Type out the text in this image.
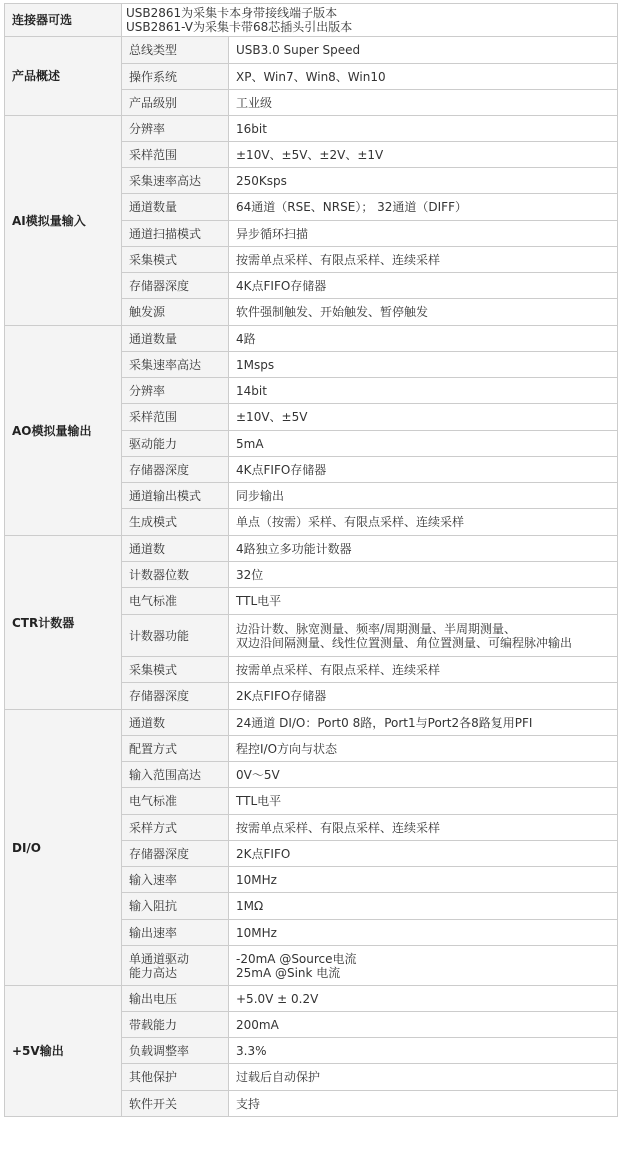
连接器可选	USB2861为采集卡本身带接线端子版本
USB2861-V为采集卡带68芯插头引出版本	

产品概述	总线类型	USB3.0 Super Speed

	操作系统	XP、Win7、Win8、Win10

	产品级别	工业级

AI模拟量输入	分辨率	16bit

	采样范围	±10V、±5V、±2V、±1V

	采集速率高达	250Ksps

	通道数量	64通道（RSE、NRSE）； 32通道（DIFF）

	通道扫描模式	异步循环扫描

	采集模式	按需单点采样、有限点采样、连续采样

	存储器深度	4K点FIFO存储器

	触发源	软件强制触发、开始触发、暂停触发

AO模拟量输出	通道数量	4路

	采集速率高达	1Msps

	分辨率	14bit

	采样范围	±10V、±5V

	驱动能力	5mA

	存储器深度	4K点FIFO存储器

	通道输出模式	同步输出

	生成模式	单点（按需）采样、有限点采样、连续采样

CTR计数器	通道数	4路独立多功能计数器

	计数器位数	32位

	电气标准	TTL电平

	计数器功能	边沿计数、脉宽测量、频率/周期测量、半周期测量、
双边沿间隔测量、线性位置测量、角位置测量、可编程脉冲输出

	采集模式	按需单点采样、有限点采样、连续采样

	存储器深度	2K点FIFO存储器

DI/O	通道数	24通道 DI/O：Port0 8路，Port1与Port2各8路复用PFI

	配置方式	程控I/O方向与状态

	输入范围高达	0V～5V

	电气标准	TTL电平

	采样方式	按需单点采样、有限点采样、连续采样

	存储器深度	2K点FIFO

	输入速率	10MHz

	输入阻抗	1MΩ

	输出速率	10MHz

	单通道驱动
能力高达	-20mA @Source电流
25mA @Sink 电流

+5V输出	输出电压	+5.0V ± 0.2V

	带载能力	200mA

	负载调整率	3.3%

	其他保护	过载后自动保护

	软件开关	支持
